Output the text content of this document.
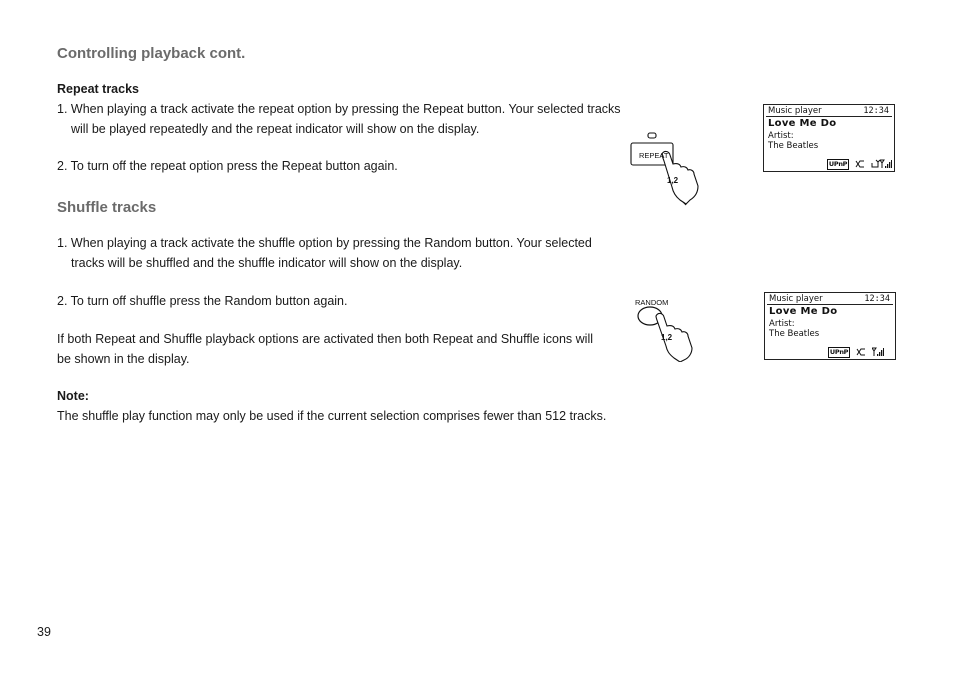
Controlling playback cont.
Repeat tracks
1. When playing a track activate the repeat option by pressing the Repeat button. Your selected tracks will be played repeatedly and the repeat indicator will show on the display.
2. To turn off the repeat option press the Repeat button again.
Shuffle tracks
1. When playing a track activate the shuffle option by pressing the Random button. Your selected tracks will be shuffled and the shuffle indicator will show on the display.
2. To turn off shuffle press the Random button again.
If both Repeat and Shuffle playback options are activated then both Repeat and Shuffle icons will be shown in the display.
Note:
The shuffle play function may only be used if the current selection comprises fewer than 512 tracks.
39
REPEAT
1,2
Music player	12:34
Love Me Do
Artist:
The Beatles
UPnP
RANDOM
1,2
Music player	12:34
Love Me Do
Artist:
The Beatles
UPnP
